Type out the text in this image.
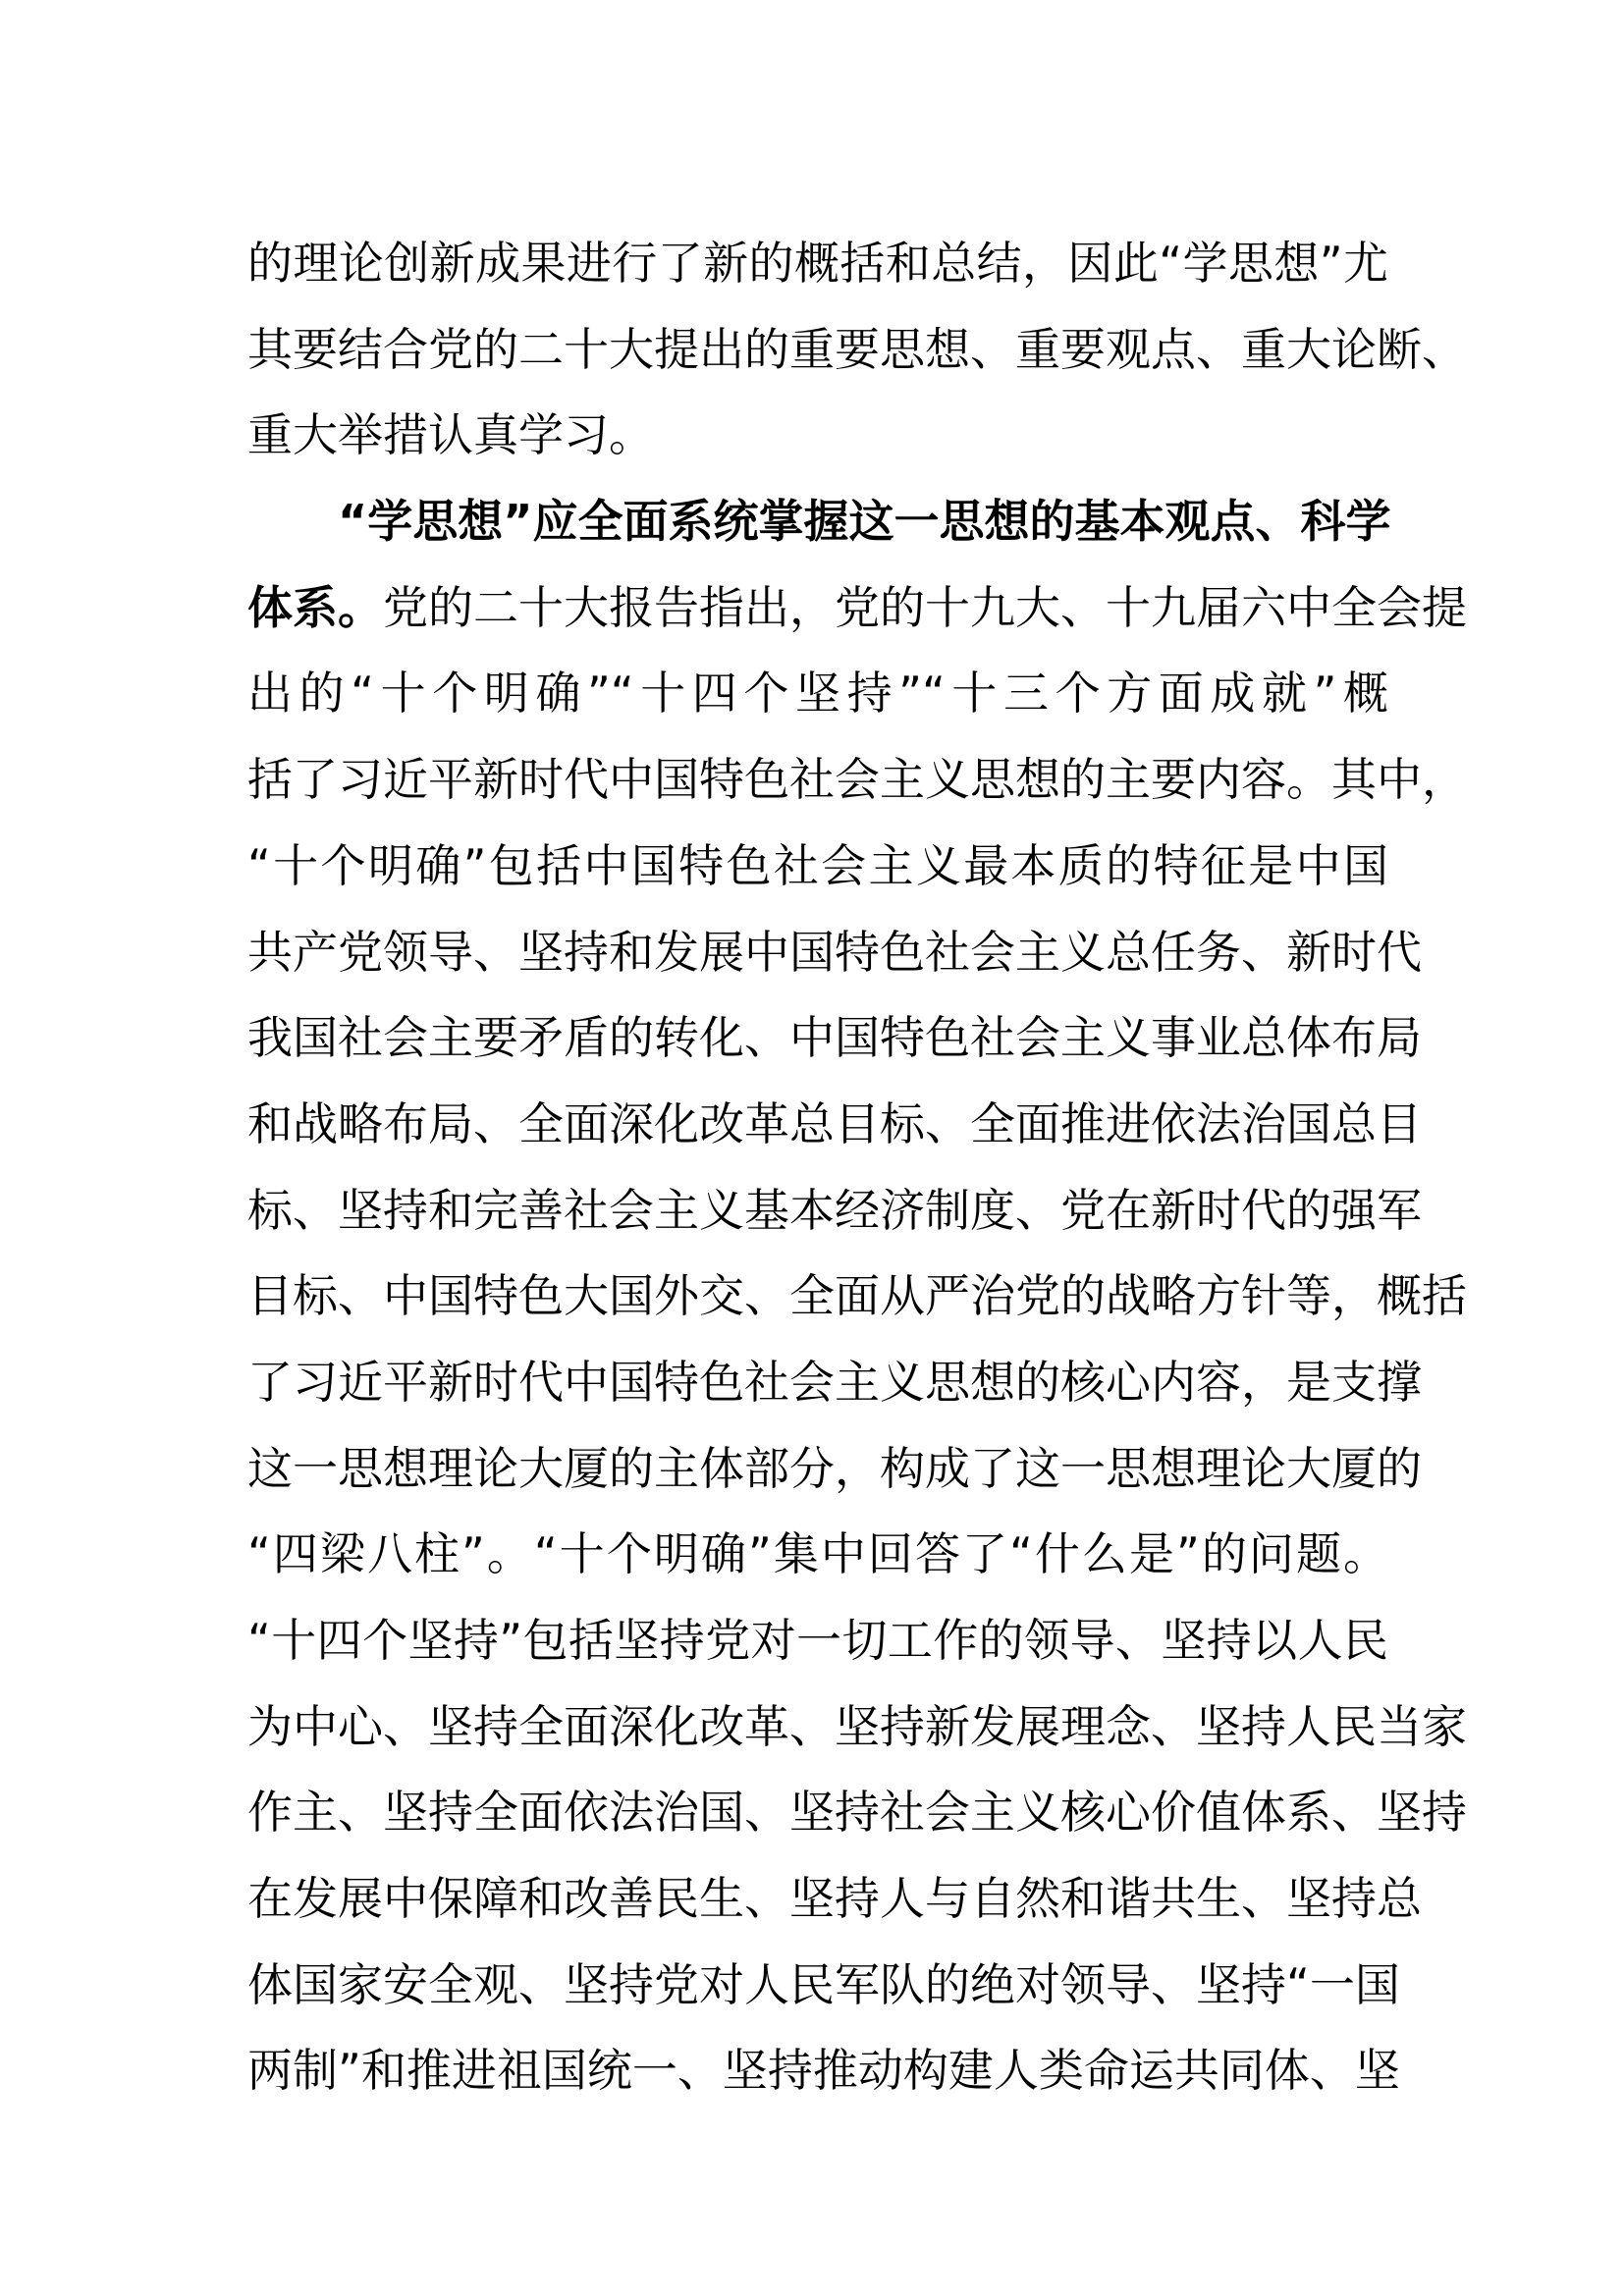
的理论创新成果进行了新的概括和总结，因此“学思想”尤
其要结合党的二十大提出的重要思想、重要观点、重大论断、
重大举措认真学习。
“学思想”应全面系统掌握这一思想的基本观点、科学
体系。党的二十大报告指出，党的十九大、十九届六中全会提
出的“十个明确”“十四个坚持”“十三个方面成就”概
括了习近平新时代中国特色社会主义思想的主要内容。其中，
“十个明确”包括中国特色社会主义最本质的特征是中国
共产党领导、坚持和发展中国特色社会主义总任务、新时代
我国社会主要矛盾的转化、中国特色社会主义事业总体布局
和战略布局、全面深化改革总目标、全面推进依法治国总目
标、坚持和完善社会主义基本经济制度、党在新时代的强军
目标、中国特色大国外交、全面从严治党的战略方针等，概括
了习近平新时代中国特色社会主义思想的核心内容，是支撑
这一思想理论大厦的主体部分，构成了这一思想理论大厦的
“四梁八柱”。“十个明确”集中回答了“什么是”的问题。
“十四个坚持”包括坚持党对一切工作的领导、坚持以人民
为中心、坚持全面深化改革、坚持新发展理念、坚持人民当家
作主、坚持全面依法治国、坚持社会主义核心价值体系、坚持
在发展中保障和改善民生、坚持人与自然和谐共生、坚持总
体国家安全观、坚持党对人民军队的绝对领导、坚持“一国
两制”和推进祖国统一、坚持推动构建人类命运共同体、坚
